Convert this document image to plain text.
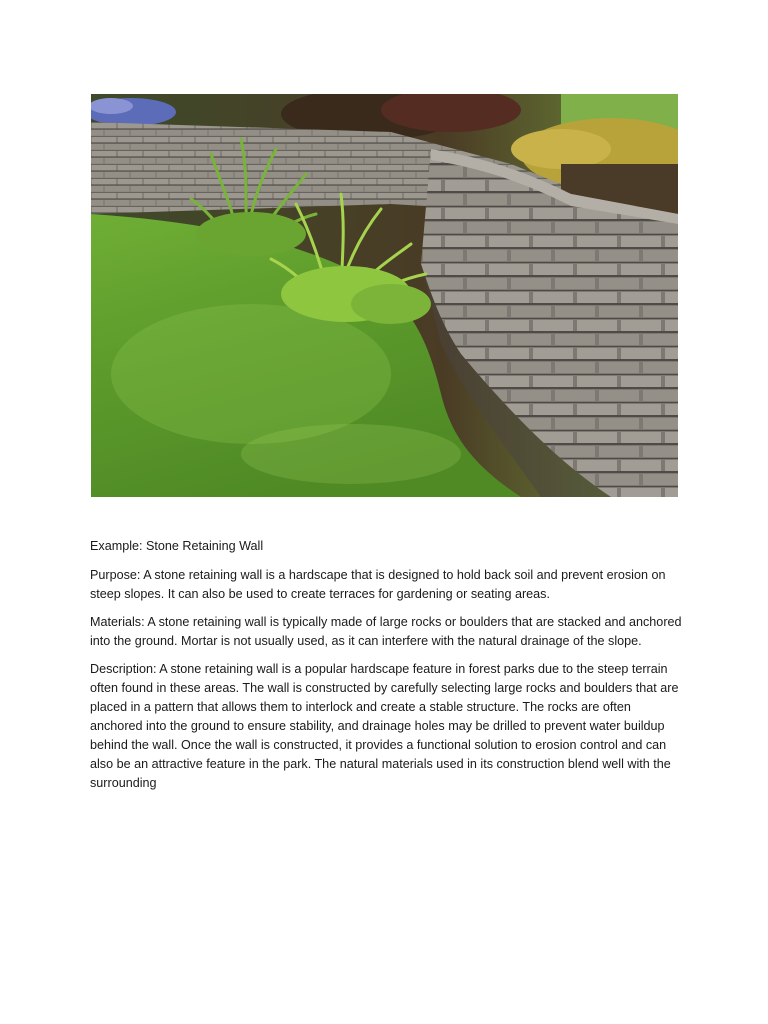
Example: Stone Retaining Wall

Purpose: A stone retaining wall is a hardscape that is designed to hold back soil and prevent erosion on steep slopes. It can also be used to create terraces for gardening or seating areas.

Materials: A stone retaining wall is typically made of large rocks or boulders that are stacked and anchored into the ground. Mortar is not usually used, as it can interfere with the natural drainage of the slope.

Description: A stone retaining wall is a popular hardscape feature in forest parks due to the steep terrain often found in these areas. The wall is constructed by carefully selecting large rocks and boulders that are placed in a pattern that allows them to interlock and create a stable structure. The rocks are often anchored into the ground to ensure stability, and drainage holes may be drilled to prevent water buildup behind the wall. Once the wall is constructed, it provides a functional solution to erosion control and can also be an attractive feature in the park. The natural materials used in its construction blend well with the surrounding
